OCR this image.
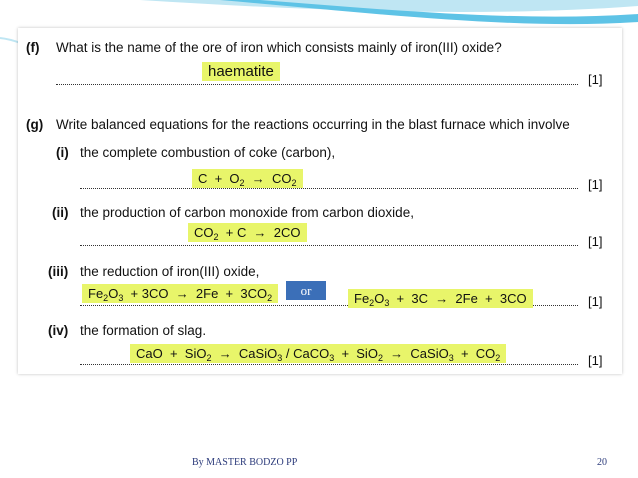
(f) What is the name of the ore of iron which consists mainly of iron(III) oxide?
haematite	[1]
(g) Write balanced equations for the reactions occurring in the blast furnace which involve
(i) the complete combustion of coke (carbon),
$C + O_2 \to CO_2$	[1]
(ii) the production of carbon monoxide from carbon dioxide,
$CO_2 + C \to 2CO$
[1]
(iii) the reduction of iron(III) oxide,
$Fe_2O_3 + 3CO \to 2Fe + 3CO_2$	or
$Fe_2O_3 + 3C \to 2Fe + 3CO$	[1]
(iv) the formation of slag.
CaO  +  SiO$_2$  →  CaSiO$_3$ / CaCO$_3$  +  SiO$_2$  →  CaSiO$_3$  +  $CO_2$	[1]
By MASTER BODZO PP	20
